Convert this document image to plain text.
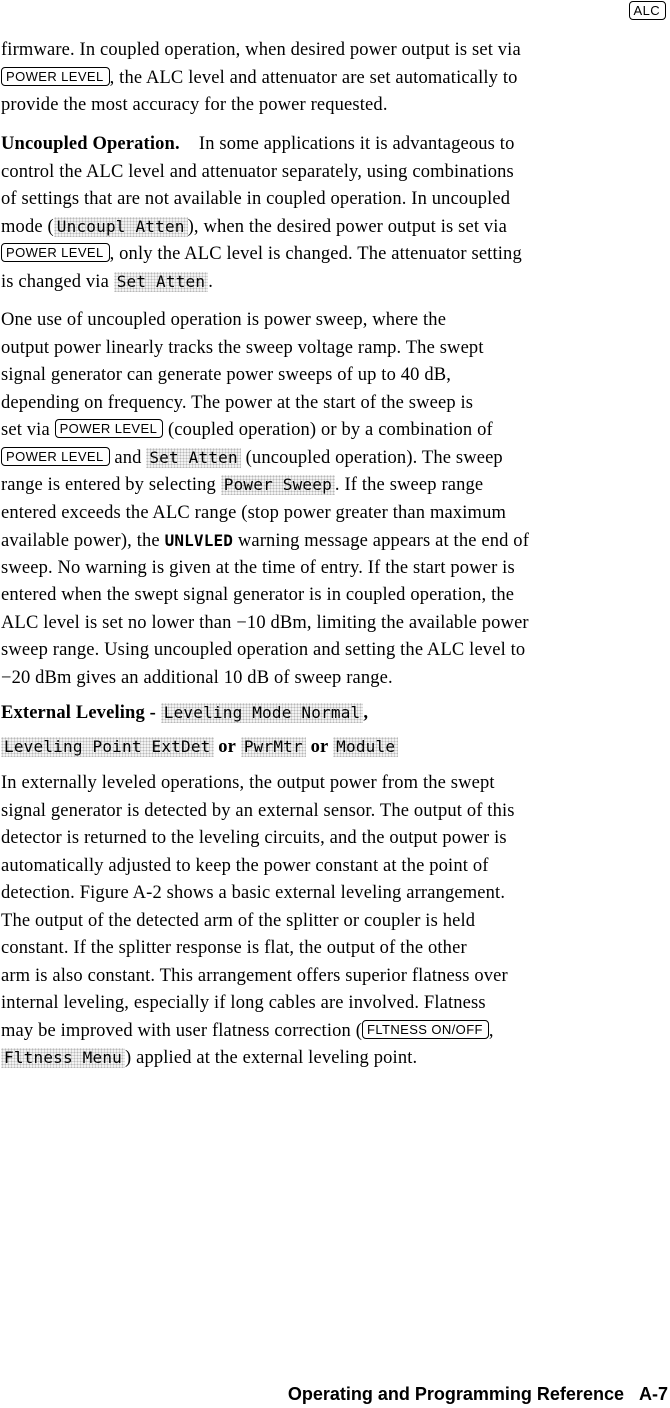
ALC
firmware. In coupled operation, when desired power output is set via
POWER LEVEL , the ALC level and attenuator are set automatically to
provide the most accuracy for the power requested.
Uncoupled Operation. In some applications it is advantageous to
control the ALC level and attenuator separately, using combinations
of settings that are not available in coupled operation. In uncoupled
mode ( Uncoupl Atten ), when the desired power output is set via
POWER LEVEL , only the ALC level is changed. The attenuator setting
is changed via Set Atten .
One use of uncoupled operation is power sweep, where the
output power linearly tracks the sweep voltage ramp. The swept
signal generator can generate power sweeps of up to 40 dB,
depending on frequency. The power at the start of the sweep is
set via POWER LEVEL (coupled operation) or by a combination of
POWER LEVEL and Set Atten (uncoupled operation). The sweep
range is entered by selecting Power Sweep . If the sweep range
entered exceeds the ALC range (stop power greater than maximum
available power), the UNLVLED warning message appears at the end of
sweep. No warning is given at the time of entry. If the start power is
entered when the swept signal generator is in coupled operation, the
ALC level is set no lower than −10 dBm, limiting the available power
sweep range. Using uncoupled operation and setting the ALC level to
−20 dBm gives an additional 10 dB of sweep range.
External Leveling - Leveling Mode Normal ,
Leveling Point ExtDet or PwrMtr or Module
In externally leveled operations, the output power from the swept
signal generator is detected by an external sensor. The output of this
detector is returned to the leveling circuits, and the output power is
automatically adjusted to keep the power constant at the point of
detection. Figure A-2 shows a basic external leveling arrangement.
The output of the detected arm of the splitter or coupler is held
constant. If the splitter response is flat, the output of the other
arm is also constant. This arrangement offers superior flatness over
internal leveling, especially if long cables are involved. Flatness
may be improved with user flatness correction ( FLTNESS ON/OFF ,
Fltness Menu ) applied at the external leveling point.
Operating and Programming Reference A-7
